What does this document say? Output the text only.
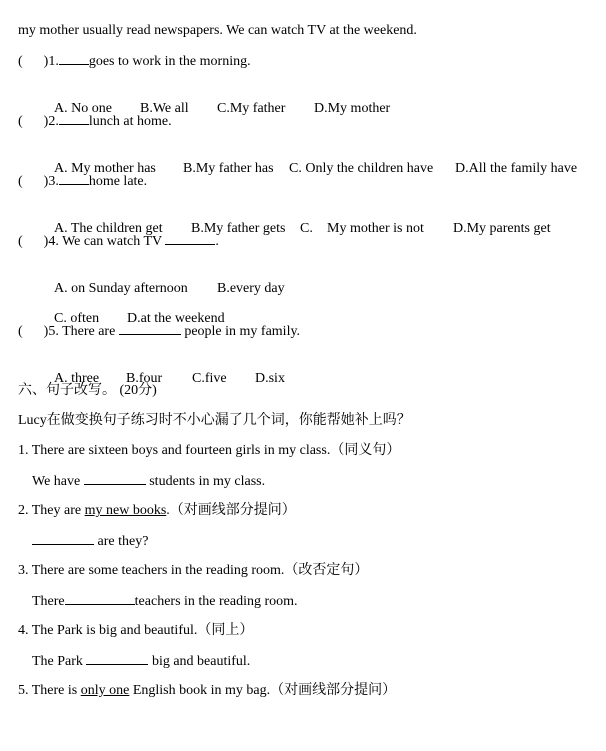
my mother usually read newspapers. We can watch TV at the weekend.
(      )1. goes to work in the morning.

A. No one B.We all C.My father D.My mother

(      )2. lunch at home.

A. My mother has B.My father has C. Only the children have D.All the family have

(      )3. home late.

A. The children get B.My father gets C. My mother is not D.My parents get

(      )4. We can watch TV	.

A. on Sunday afternoon B.every day

C. often D.at the weekend

(      )5. There are	people in my family.

A. three B.four C.five D.six

六、句子改写。 (20分)
Lucy在做变换句子练习时不小心漏了几个词，你能帮她补上吗？
1. There are sixteen boys and fourteen girls in my class.（同义句）
We have	students in my class.
2. They are my new books.（对画线部分提问）
are they?
3. There are some teachers in the reading room.（改否定句）
There	teachers in the reading room.
4. The Park is big and beautiful.（同上）
The Park	big and beautiful.
5. There is only one English book in my bag.（对画线部分提问）
